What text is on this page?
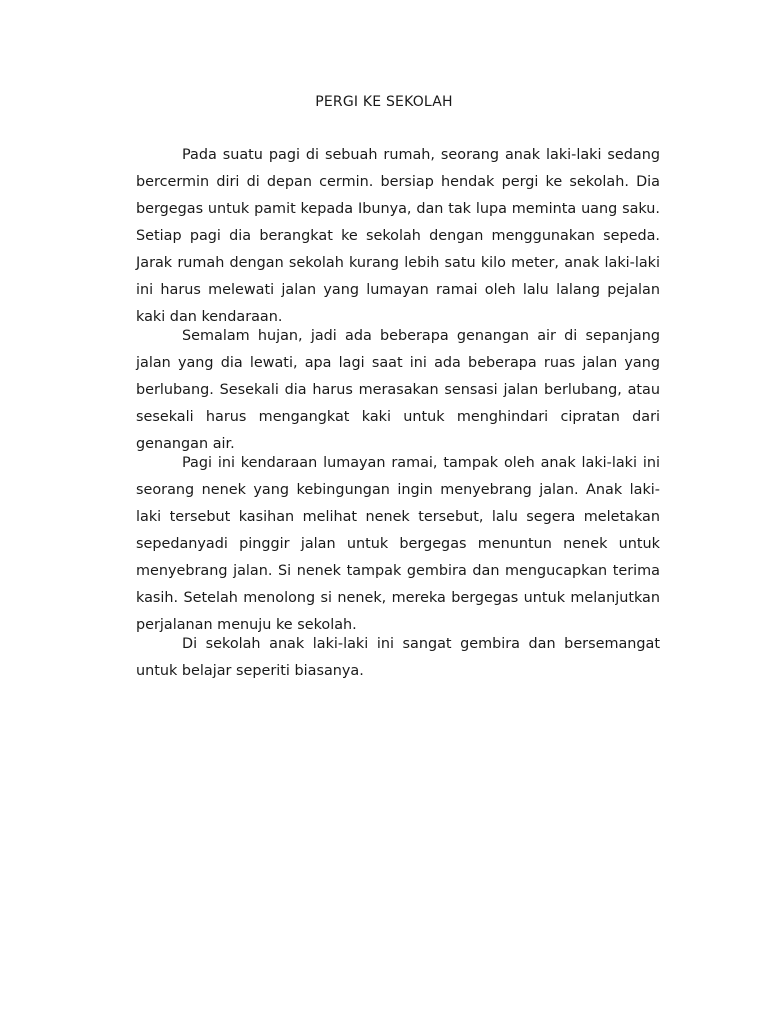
PERGI KE SEKOLAH

Pada suatu pagi di sebuah rumah, seorang anak laki-laki sedang bercermin diri di depan cermin. bersiap hendak pergi ke sekolah. Dia bergegas untuk pamit kepada Ibunya, dan tak lupa meminta uang saku. Setiap pagi dia berangkat ke sekolah dengan menggunakan sepeda. Jarak rumah dengan sekolah kurang lebih satu kilo meter, anak laki-laki ini harus melewati jalan yang lumayan ramai oleh lalu lalang pejalan kaki dan kendaraan.

Semalam hujan, jadi ada beberapa genangan air di sepanjang jalan yang dia lewati, apa lagi saat ini ada beberapa ruas jalan yang berlubang. Sesekali dia harus merasakan sensasi jalan berlubang, atau sesekali harus mengangkat kaki untuk menghindari cipratan dari genangan air.

Pagi ini kendaraan lumayan ramai, tampak oleh anak laki-laki ini seorang nenek yang kebingungan ingin menyebrang jalan. Anak laki-laki tersebut kasihan melihat nenek tersebut, lalu segera meletakan sepedanyadi pinggir jalan untuk bergegas menuntun nenek untuk menyebrang jalan. Si nenek tampak gembira dan mengucapkan terima kasih. Setelah menolong si nenek, mereka bergegas untuk melanjutkan perjalanan menuju ke sekolah.

Di sekolah anak laki-laki ini sangat gembira dan bersemangat untuk belajar seperiti biasanya.
